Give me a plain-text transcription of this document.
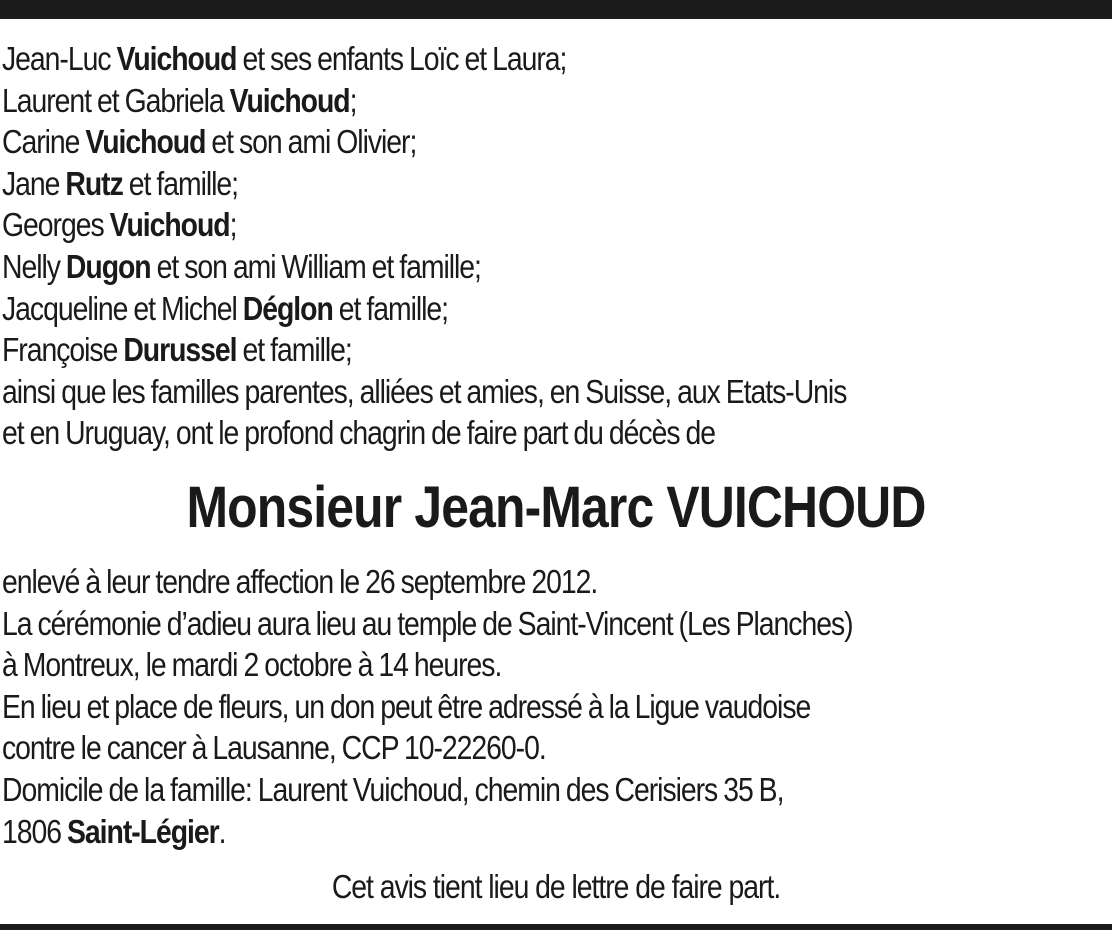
Jean-Luc Vuichoud et ses enfants Loïc et Laura;
Laurent et Gabriela Vuichoud;
Carine Vuichoud et son ami Olivier;
Jane Rutz et famille;
Georges Vuichoud;
Nelly Dugon et son ami William et famille;
Jacqueline et Michel Déglon et famille;
Françoise Durussel et famille;
ainsi que les familles parentes, alliées et amies, en Suisse, aux Etats-Unis
et en Uruguay, ont le profond chagrin de faire part du décès de
Monsieur Jean-Marc VUICHOUD
enlevé à leur tendre affection le 26 septembre 2012.
La cérémonie d’adieu aura lieu au temple de Saint-Vincent (Les Planches)
à Montreux, le mardi 2 octobre à 14 heures.
En lieu et place de fleurs, un don peut être adressé à la Ligue vaudoise
contre le cancer à Lausanne, CCP 10-22260-0.
Domicile de la famille: Laurent Vuichoud, chemin des Cerisiers 35 B,
1806 Saint-Légier.
Cet avis tient lieu de lettre de faire part.
